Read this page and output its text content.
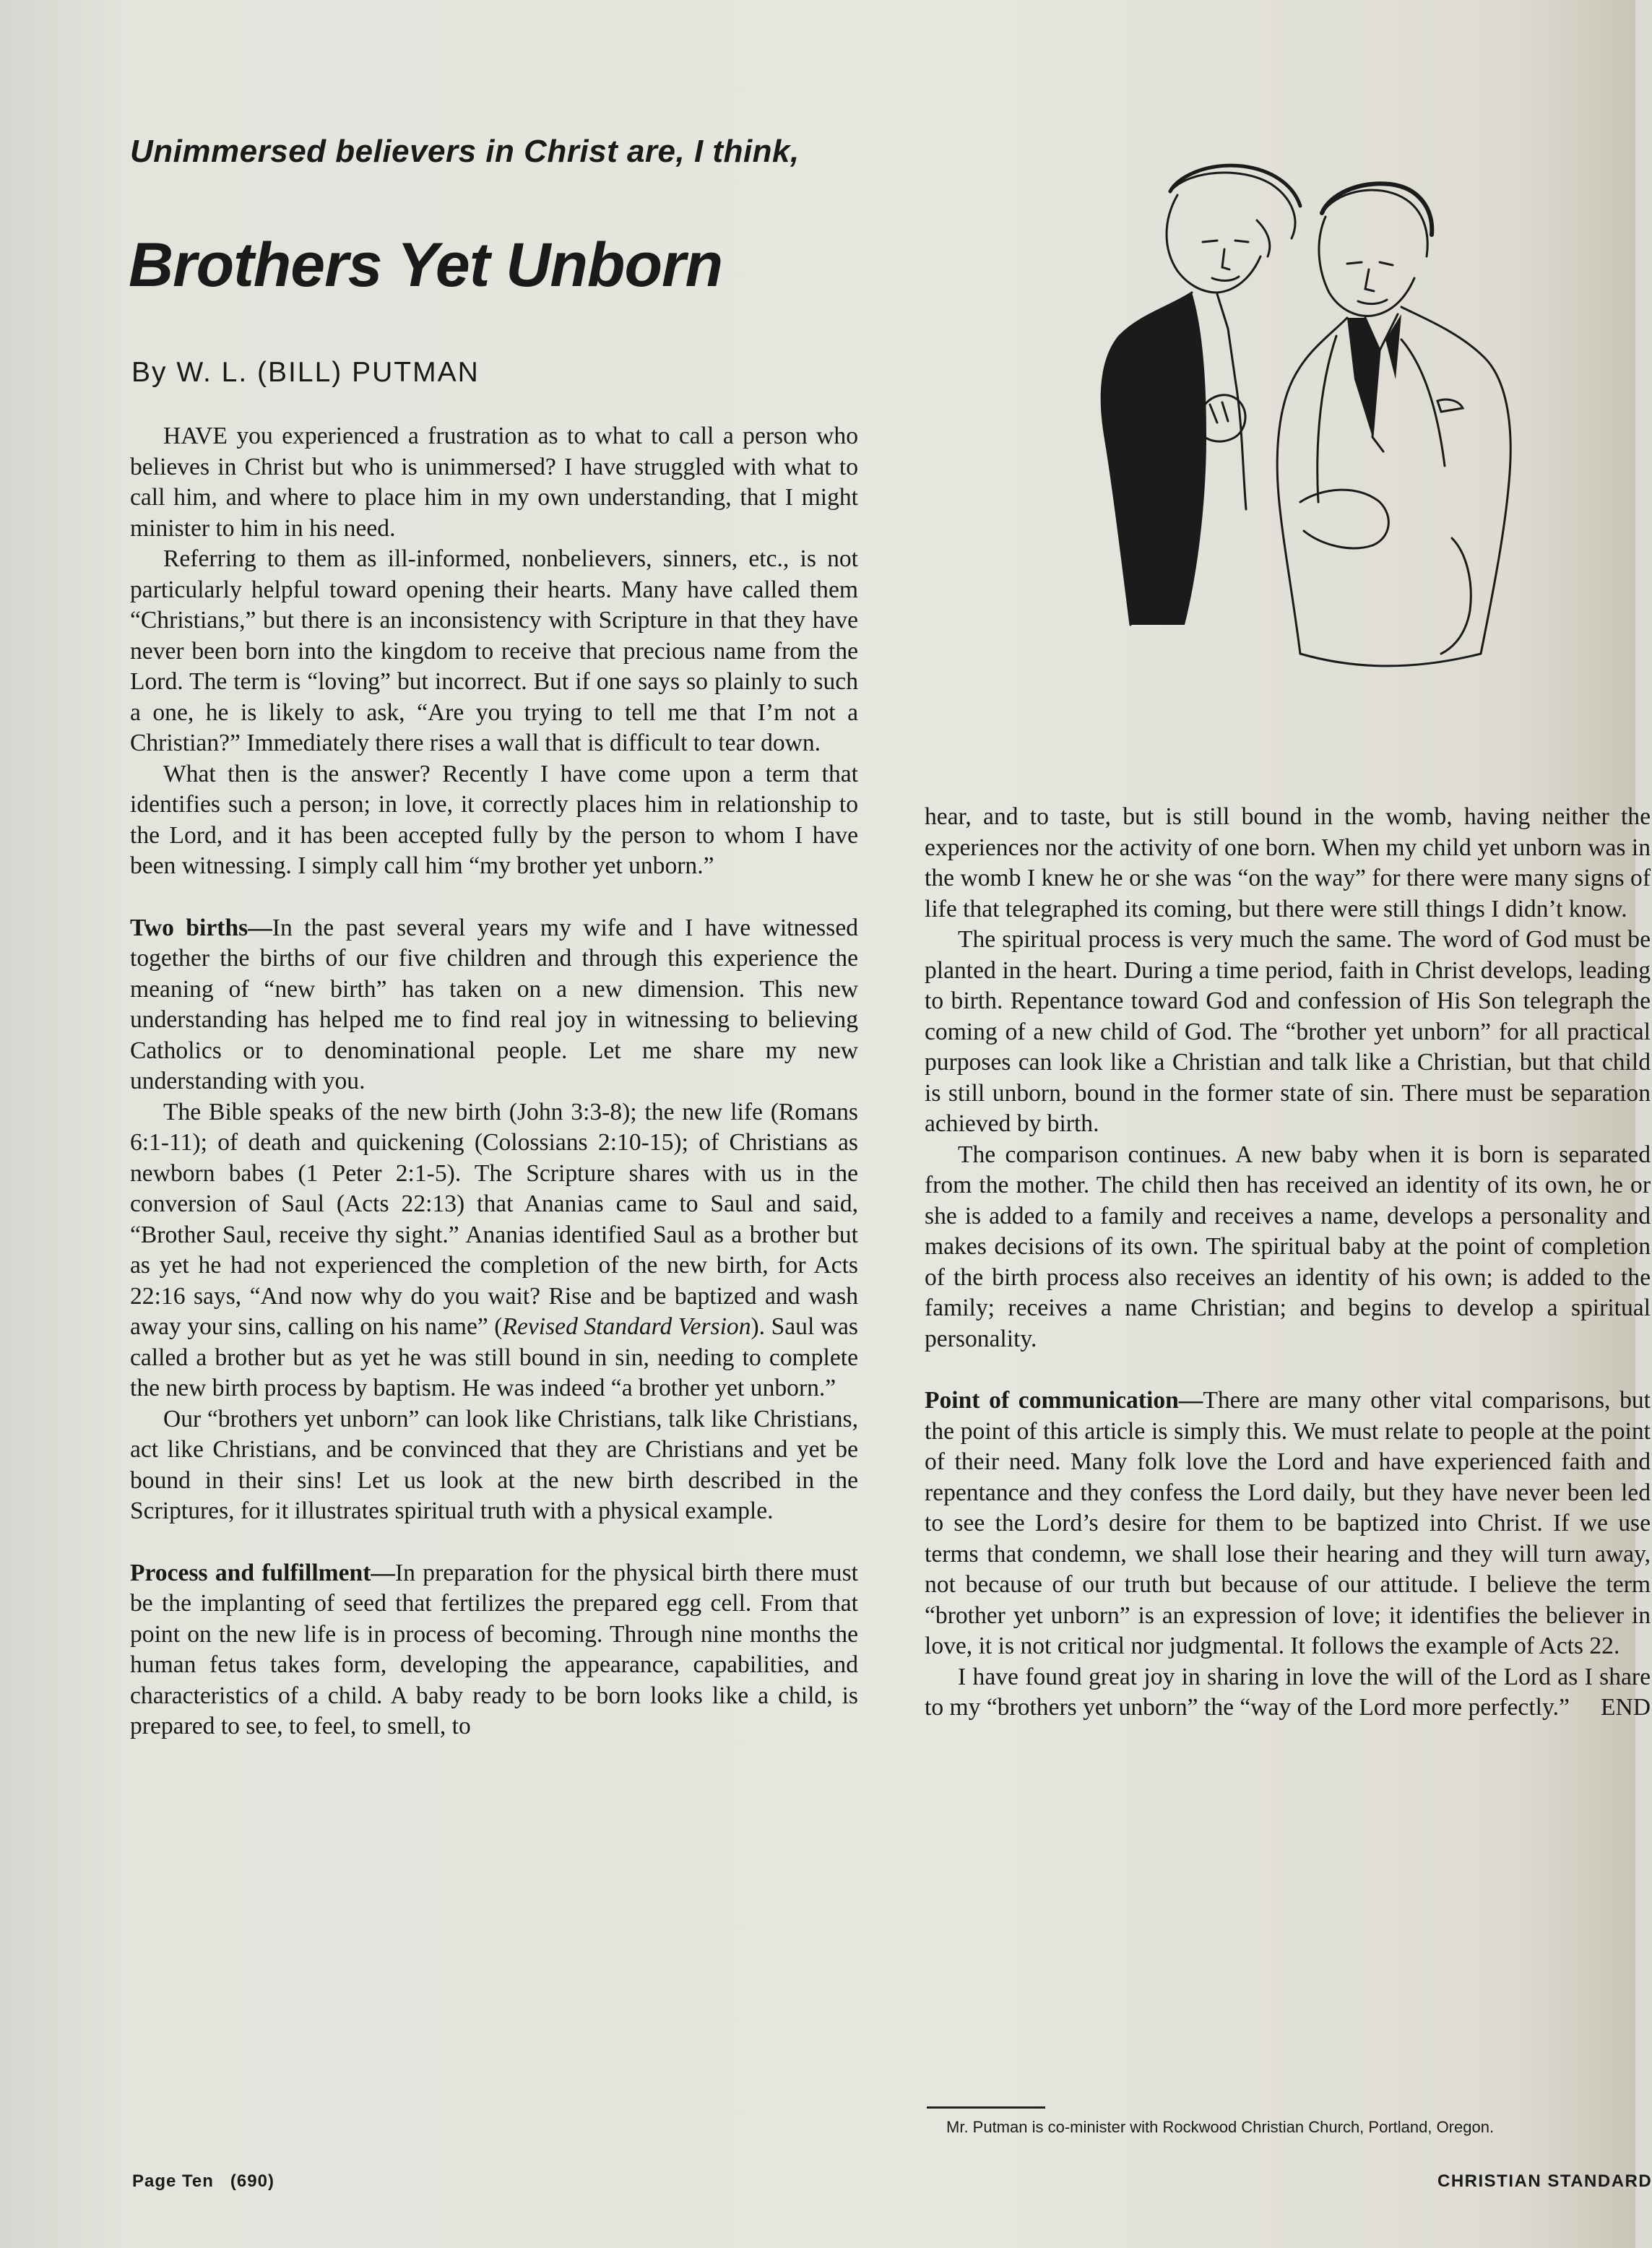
Unimmersed believers in Christ are, I think,
Brothers Yet Unborn
By W. L. (BILL) PUTMAN

HAVE you experienced a frustration as to what to call a person who believes in Christ but who is unimmersed? I have struggled with what to call him, and where to place him in my own understanding, that I might minister to him in his need.

Referring to them as ill-informed, nonbelievers, sinners, etc., is not particularly helpful toward opening their hearts. Many have called them “Christians,” but there is an inconsistency with Scripture in that they have never been born into the kingdom to receive that precious name from the Lord. The term is “loving” but incorrect. But if one says so plainly to such a one, he is likely to ask, “Are you trying to tell me that I’m not a Christian?” Immediately there rises a wall that is difficult to tear down.

What then is the answer? Recently I have come upon a term that identifies such a person; in love, it correctly places him in relationship to the Lord, and it has been accepted fully by the person to whom I have been witnessing. I simply call him “my brother yet unborn.”

Two births—In the past several years my wife and I have witnessed together the births of our five children and through this experience the meaning of “new birth” has taken on a new dimension. This new understanding has helped me to find real joy in witnessing to believing Catholics or to denominational people. Let me share my new understanding with you.

The Bible speaks of the new birth (John 3:3-8); the new life (Romans 6:1-11); of death and quickening (Colossians 2:10-15); of Christians as newborn babes (1 Peter 2:1-5). The Scripture shares with us in the conversion of Saul (Acts 22:13) that Ananias came to Saul and said, “Brother Saul, receive thy sight.” Ananias identified Saul as a brother but as yet he had not experienced the completion of the new birth, for Acts 22:16 says, “And now why do you wait? Rise and be baptized and wash away your sins, calling on his name” (Revised Standard Version). Saul was called a brother but as yet he was still bound in sin, needing to complete the new birth process by baptism. He was indeed “a brother yet unborn.”

Our “brothers yet unborn” can look like Christians, talk like Christians, act like Christians, and be convinced that they are Christians and yet be bound in their sins! Let us look at the new birth described in the Scriptures, for it illustrates spiritual truth with a physical example.

Process and fulfillment—In preparation for the physical birth there must be the implanting of seed that fertilizes the prepared egg cell. From that point on the new life is in process of becoming. Through nine months the human fetus takes form, developing the appearance, capabilities, and characteristics of a child. A baby ready to be born looks like a child, is prepared to see, to feel, to smell, to

hear, and to taste, but is still bound in the womb, having neither the experiences nor the activity of one born. When my child yet unborn was in the womb I knew he or she was “on the way” for there were many signs of life that telegraphed its coming, but there were still things I didn’t know.

The spiritual process is very much the same. The word of God must be planted in the heart. During a time period, faith in Christ develops, leading to birth. Repentance toward God and confession of His Son telegraph the coming of a new child of God. The “brother yet unborn” for all practical purposes can look like a Christian and talk like a Christian, but that child is still unborn, bound in the former state of sin. There must be separation achieved by birth.

The comparison continues. A new baby when it is born is separated from the mother. The child then has received an identity of its own, he or she is added to a family and receives a name, develops a personality and makes decisions of its own. The spiritual baby at the point of completion of the birth process also receives an identity of his own; is added to the family; receives a name Christian; and begins to develop a spiritual personality.

Point of communication—There are many other vital comparisons, but the point of this article is simply this. We must relate to people at the point of their need. Many folk love the Lord and have experienced faith and repentance and they confess the Lord daily, but they have never been led to see the Lord’s desire for them to be baptized into Christ. If we use terms that condemn, we shall lose their hearing and they will turn away, not because of our truth but because of our attitude. I believe the term “brother yet unborn” is an expression of love; it identifies the believer in love, it is not critical nor judgmental. It follows the example of Acts 22.

I have found great joy in sharing in love the will of the Lord as I share to my “brothers yet unborn” the “way of the Lord more perfectly.” END

Mr. Putman is co-minister with Rockwood Christian Church, Portland, Oregon.
Page Ten   (690)	CHRISTIAN STANDARD
